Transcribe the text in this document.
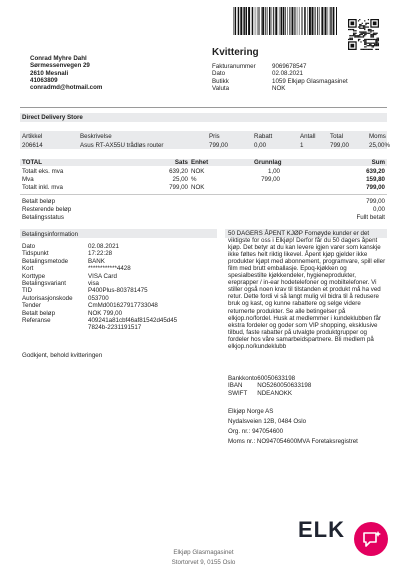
Kvittering
Fakturanummer	9069678547
Dato	02.08.2021
Butikk	1059 Elkjøp Glasmagasinet
Valuta	NOK
Conrad Myhre Dahl
Sørmessenvegen 29
2610 Mesnali
41063809
conradmd@hotmail.com
Direct Delivery Store
Artikkel	Beskrivelse	Pris	Rabatt	Antall Total	Moms
206614	Asus RT-AX55U trådløs router	799,00	0,00	1	799,00	25,00%
TOTAL	Sats Enhet	Grunnlag	Sum
Totalt eks. mva	639,20 NOK	1,00	639,20
Mva	25,00 %	799,00	159,80
Totalt inkl. mva	799,00 NOK	799,00
Betalt beløp	799,00
Resterende beløp	0,00
Betalingsstatus	Fullt betalt
Betalingsinformation
Dato	02.08.2021
Tidspunkt	17:22:28
Betalingsmetode	BANK
Kort	************4428
Korttype	VISA Card
Betalingsvariant	visa
TID	P400Plus-803781475
Autorisasjonskode	053700
Tender	CmMd001627917733048
Betalt beløp	NOK 799,00
Referanse	409241a81cbf46af81542d45d45
	7824b-2231191517
Godkjent, behold kvitteringen
50 DAGERS ÅPENT KJØP Fornøyde kunder er det viktigste for oss i Elkjøp! Derfor får du 50 dagers åpent kjøp. Det betyr at du kan levere igjen varer som kanskje ikke føltes helt riktig likevel. Åpent kjøp gjelder ikke produkter kjøpt med abonnement, programvare, spill eller film med brutt emballasje. Epoq-kjøkken og spesialbestilte kjøkkendeler, hygieneprodukter, ereprapper / in-ear hodetelefoner og mobiltelefoner. Vi stiller også noen krav til tilstanden et produkt må ha ved retur. Dette fordi vi så langt mulig vil bidra til å redusere bruk og kast, og kunne rabattere og selge videre returnerte produkter. Se alle betingelser på elkjop.no/fordel. Husk at medlemmer i kundeklubben får ekstra fordeler og goder som VIP shopping, eksklusive tilbud, faste rabatter på utvalgte produktgrupper og fordeler hos våre samarbeidspartnere. Bli medlem på elkjop.no/kundeklubb
Bankkonto	60050633198
IBAN	NO5260050633198
SWIFT	NDEANOKK
Elkjøp Norge AS
Nydalsveien 12B, 0484 Oslo
Org. nr.: 947054600
Moms nr.: NO947054600MVA Foretaksregistret
ELK
Elkjøp Glasmagasinet
Stortorvet 9, 0155 Oslo
